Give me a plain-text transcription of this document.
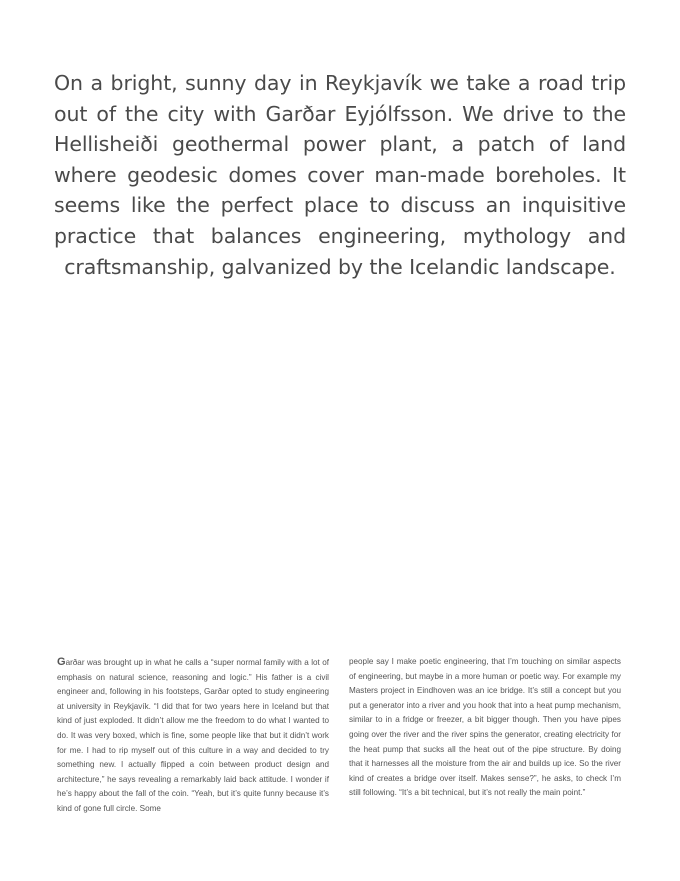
On a bright, sunny day in Reykjavík we take a road trip out of the city with Garðar Eyjólfsson. We drive to the Hellisheiði geothermal power plant, a patch of land where geodesic domes cover man-made boreholes. It seems like the perfect place to discuss an inquisitive practice that balances engineering, mythology and craftsmanship, galvanized by the Icelandic landscape.

Garðar was brought up in what he calls a “super normal family with a lot of emphasis on natural science, reasoning and logic.” His father is a civil engineer and, following in his footsteps, Garðar opted to study engineering at university in Reykjavík. “I did that for two years here in Iceland but that kind of just exploded. It didn’t allow me the freedom to do what I wanted to do. It was very boxed, which is fine, some people like that but it didn’t work for me. I had to rip myself out of this culture in a way and decided to try something new. I actually flipped a coin between product design and architecture,” he says revealing a remarkably laid back attitude. I wonder if he’s happy about the fall of the coin. “Yeah, but it’s quite funny because it’s kind of gone full circle. Some

people say I make poetic engineering, that I’m touching on similar aspects of engineering, but maybe in a more human or poetic way. For example my Masters project in Eindhoven was an ice bridge. It’s still a concept but you put a generator into a river and you hook that into a heat pump mechanism, similar to in a fridge or freezer, a bit bigger though. Then you have pipes going over the river and the river spins the generator, creating electricity for the heat pump that sucks all the heat out of the pipe structure. By doing that it harnesses all the moisture from the air and builds up ice. So the river kind of creates a bridge over itself. Makes sense?”, he asks, to check I’m still following. “It’s a bit technical, but it’s not really the main point.”
